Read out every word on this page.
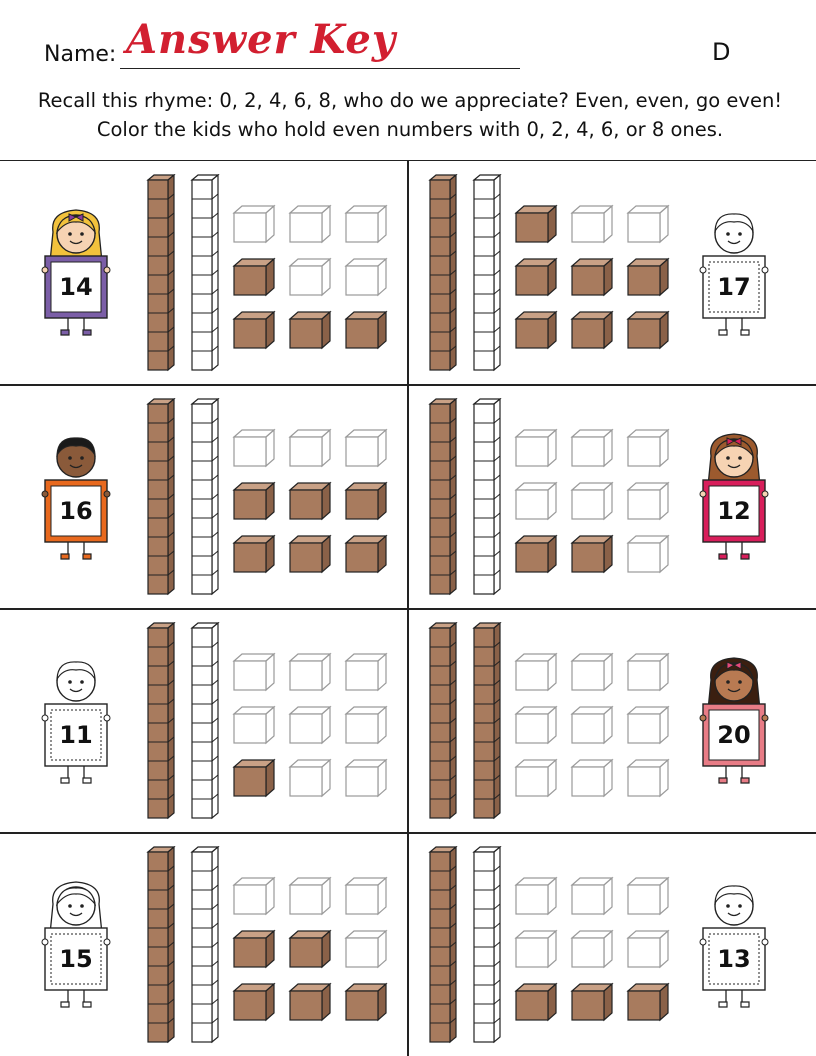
Name: Answer Key	D
Recall this rhyme: 0, 2, 4, 6, 8, who do we appreciate? Even, even, go even! Color the kids who hold even numbers with 0, 2, 4, 6, or 8 ones.
14	17
16	12
11	20
15	13
